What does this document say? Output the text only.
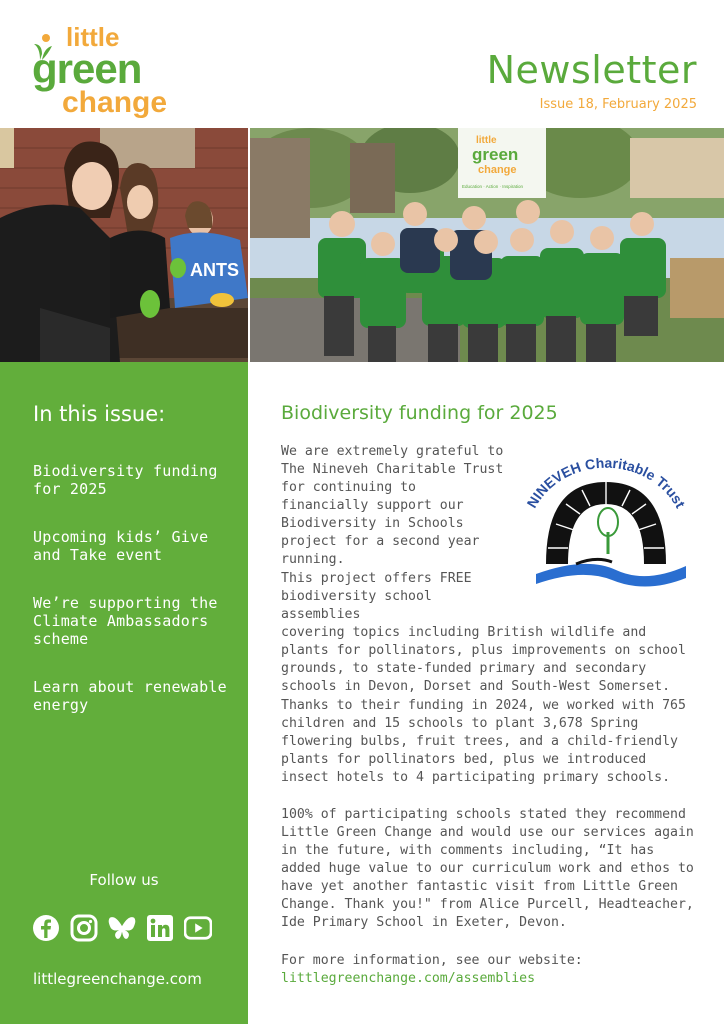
little
green
change
Newsletter
Issue 18, February 2025
ANTS
little
green
change
Education · Action · Inspiration
In this issue:
Biodiversity funding for 2025
Upcoming kids’ Give and Take event
We’re supporting the Climate Ambassadors scheme
Learn about renewable energy
Follow us
littlegreenchange.com
Biodiversity funding for 2025
NINEVEH Charitable Trust
We are extremely grateful to The Nineveh Charitable Trust for continuing to financially support our Biodiversity in Schools project for a second year running.
This project offers FREE biodiversity school assemblies
covering topics including British wildlife and plants for pollinators, plus improvements on school grounds, to state-funded primary and secondary schools in Devon, Dorset and South-West Somerset.
Thanks to their funding in 2024, we worked with 765 children and 15 schools to plant 3,678 Spring flowering bulbs, fruit trees, and a child-friendly plants for pollinators bed, plus we introduced insect hotels to 4 participating primary schools.
100% of participating schools stated they recommend Little Green Change and would use our services again in the future, with comments including, “It has added huge value to our curriculum work and ethos to have yet another fantastic visit from Little Green Change. Thank you!" from Alice Purcell, Headteacher, Ide Primary School in Exeter, Devon.
For more information, see our website:
littlegreenchange.com/assemblies
